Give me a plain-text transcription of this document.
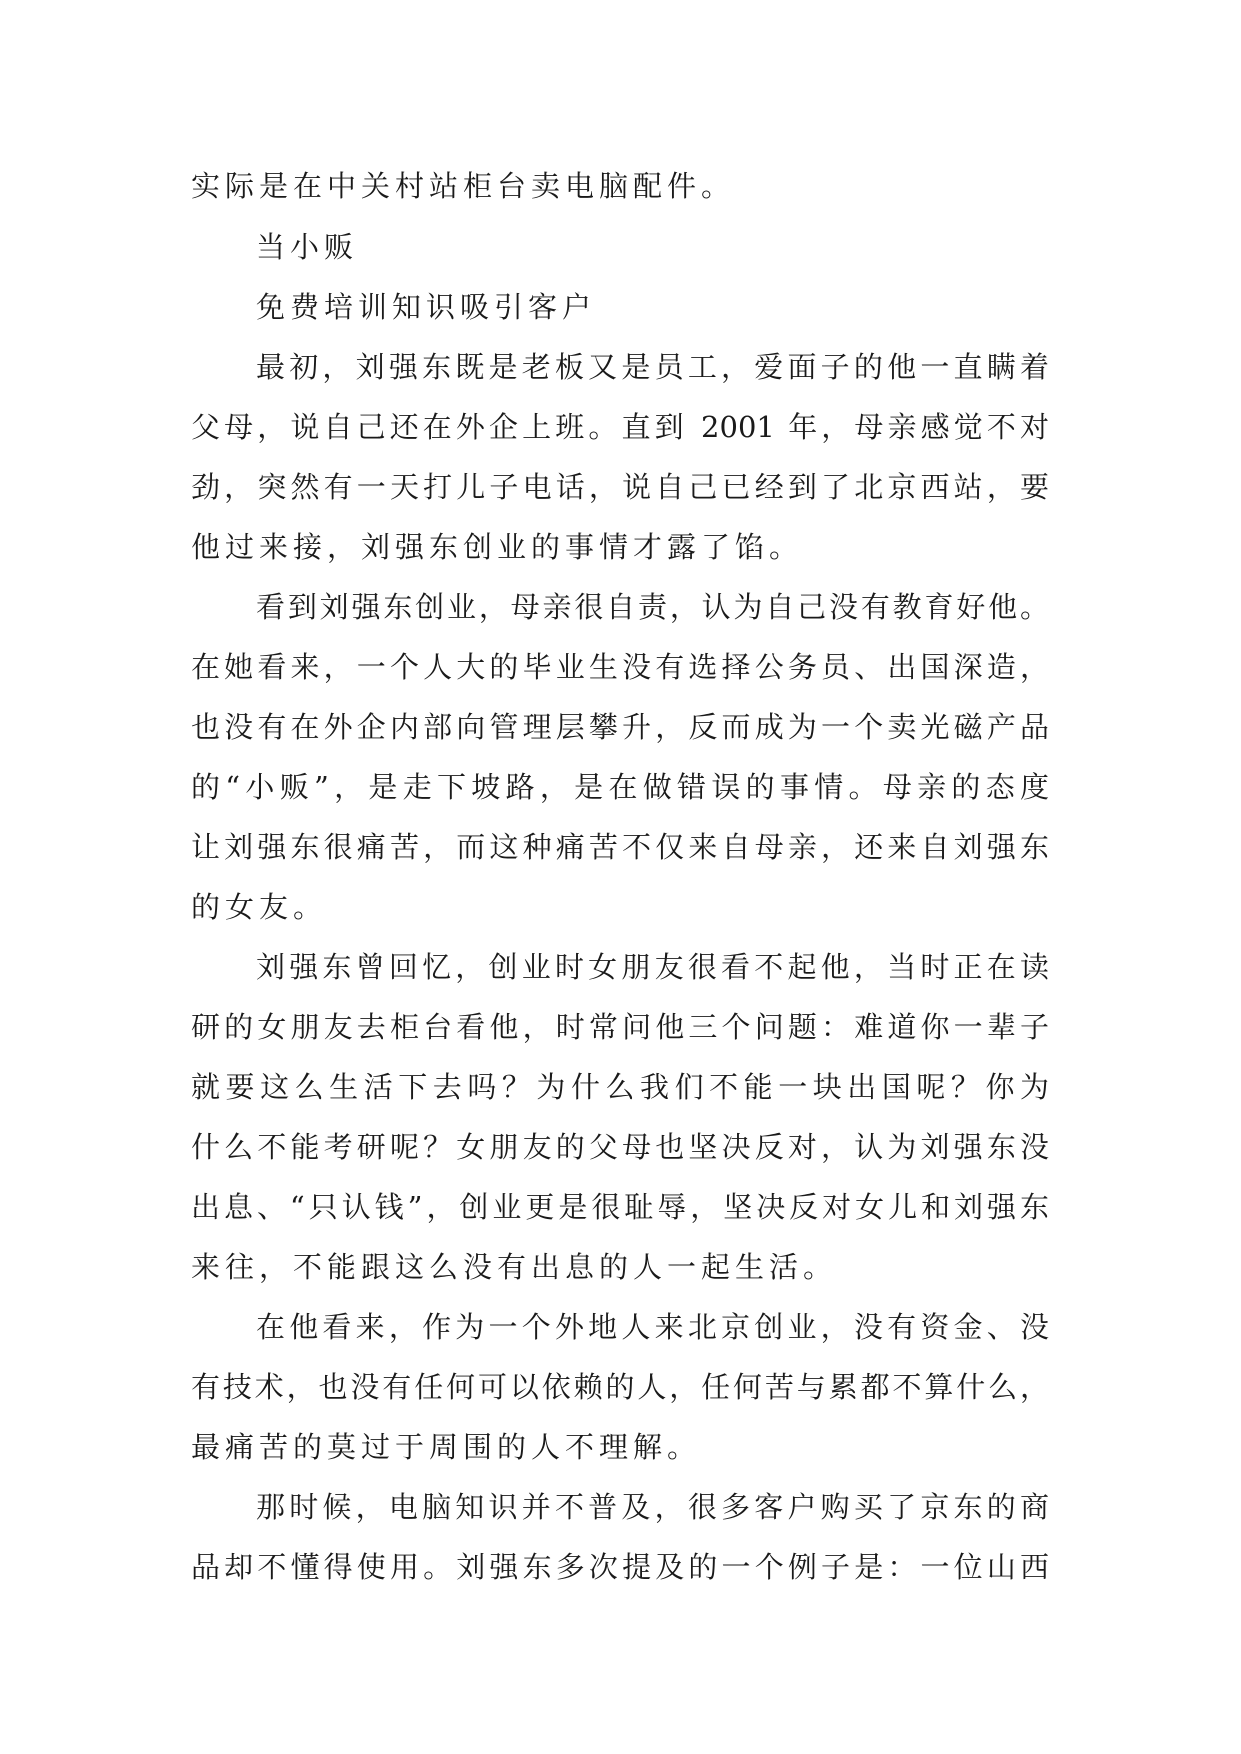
实际是在中关村站柜台卖电脑配件。
当小贩
免费培训知识吸引客户
最初，刘强东既是老板又是员工，爱面子的他一直瞒着
父母，说自己还在外企上班。直到 2001 年，母亲感觉不对
劲，突然有一天打儿子电话，说自己已经到了北京西站，要
他过来接，刘强东创业的事情才露了馅。
看到刘强东创业，母亲很自责，认为自己没有教育好他。
在她看来，一个人大的毕业生没有选择公务员、出国深造，
也没有在外企内部向管理层攀升，反而成为一个卖光磁产品
的“小贩”，是走下坡路，是在做错误的事情。母亲的态度
让刘强东很痛苦，而这种痛苦不仅来自母亲，还来自刘强东
的女友。
刘强东曾回忆，创业时女朋友很看不起他，当时正在读
研的女朋友去柜台看他，时常问他三个问题：难道你一辈子
就要这么生活下去吗？为什么我们不能一块出国呢？你为
什么不能考研呢？女朋友的父母也坚决反对，认为刘强东没
出息、“只认钱”，创业更是很耻辱，坚决反对女儿和刘强东
来往，不能跟这么没有出息的人一起生活。
在他看来，作为一个外地人来北京创业，没有资金、没
有技术，也没有任何可以依赖的人，任何苦与累都不算什么，
最痛苦的莫过于周围的人不理解。
那时候，电脑知识并不普及，很多客户购买了京东的商
品却不懂得使用。刘强东多次提及的一个例子是：一位山西
